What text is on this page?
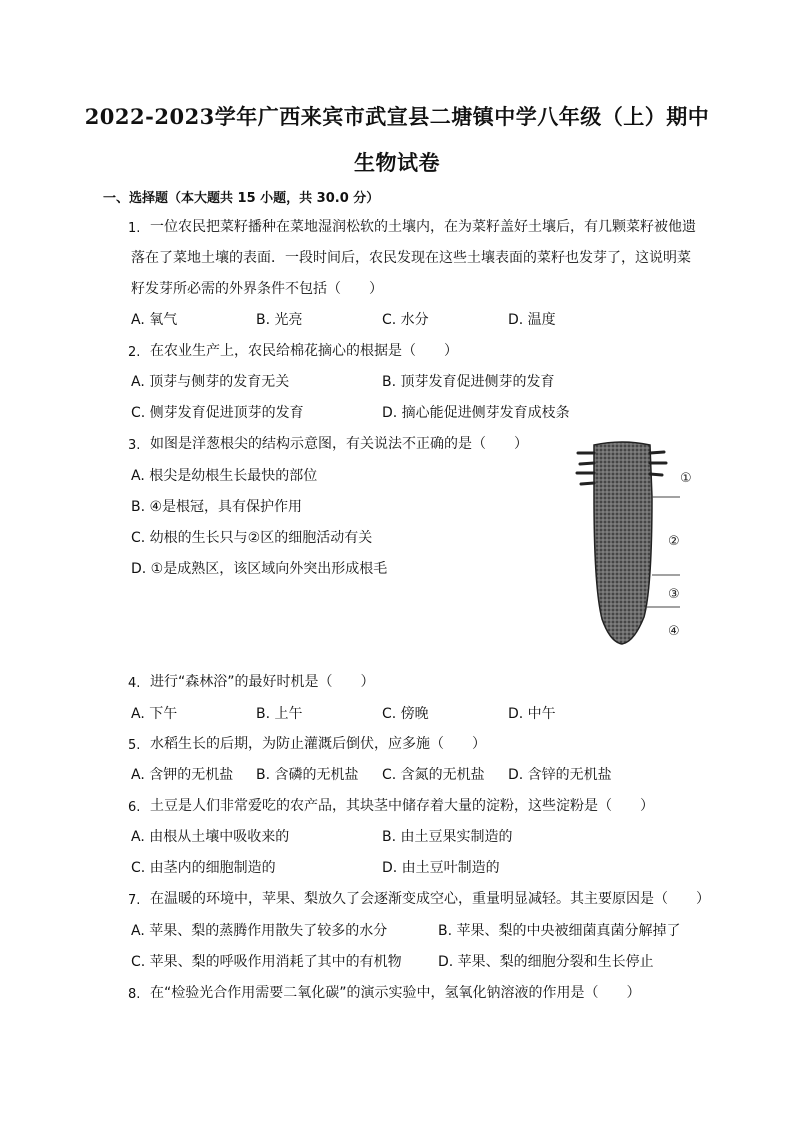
2022-2023学年广西来宾市武宣县二塘镇中学八年级（上）期中
生物试卷
一、选择题（本大题共 15 小题，共 30.0 分）
1. 一位农民把菜籽播种在菜地湿润松软的土壤内，在为菜籽盖好土壤后，有几颗菜籽被他遗
落在了菜地土壤的表面．一段时间后，农民发现在这些土壤表面的菜籽也发芽了，这说明菜
籽发芽所必需的外界条件不包括（　　）
A. 氧气	B. 光亮	C. 水分	D. 温度
2. 在农业生产上，农民给棉花摘心的根据是（　　）
A. 顶芽与侧芽的发育无关	B. 顶芽发育促进侧芽的发育
C. 侧芽发育促进顶芽的发育	D. 摘心能促进侧芽发育成枝条
3. 如图是洋葱根尖的结构示意图，有关说法不正确的是（　　）
A. 根尖是幼根生长最快的部位
B. ④是根冠，具有保护作用
C. 幼根的生长只与②区的细胞活动有关
D. ①是成熟区，该区域向外突出形成根毛
①
②
③
④
4. 进行“森林浴”的最好时机是（　　）
A. 下午	B. 上午	C. 傍晚	D. 中午
5. 水稻生长的后期，为防止灌溉后倒伏，应多施（　　）
A. 含钾的无机盐 B. 含磷的无机盐 C. 含氮的无机盐 D. 含锌的无机盐
6. 土豆是人们非常爱吃的农产品，其块茎中储存着大量的淀粉，这些淀粉是（　　）
A. 由根从土壤中吸收来的	B. 由土豆果实制造的
C. 由茎内的细胞制造的	D. 由土豆叶制造的
7. 在温暖的环境中，苹果、梨放久了会逐渐变成空心，重量明显减轻。其主要原因是（　　）
A. 苹果、梨的蒸腾作用散失了较多的水分	B. 苹果、梨的中央被细菌真菌分解掉了
C. 苹果、梨的呼吸作用消耗了其中的有机物	D. 苹果、梨的细胞分裂和生长停止
8. 在“检验光合作用需要二氧化碳”的演示实验中，氢氧化钠溶液的作用是（　　）
